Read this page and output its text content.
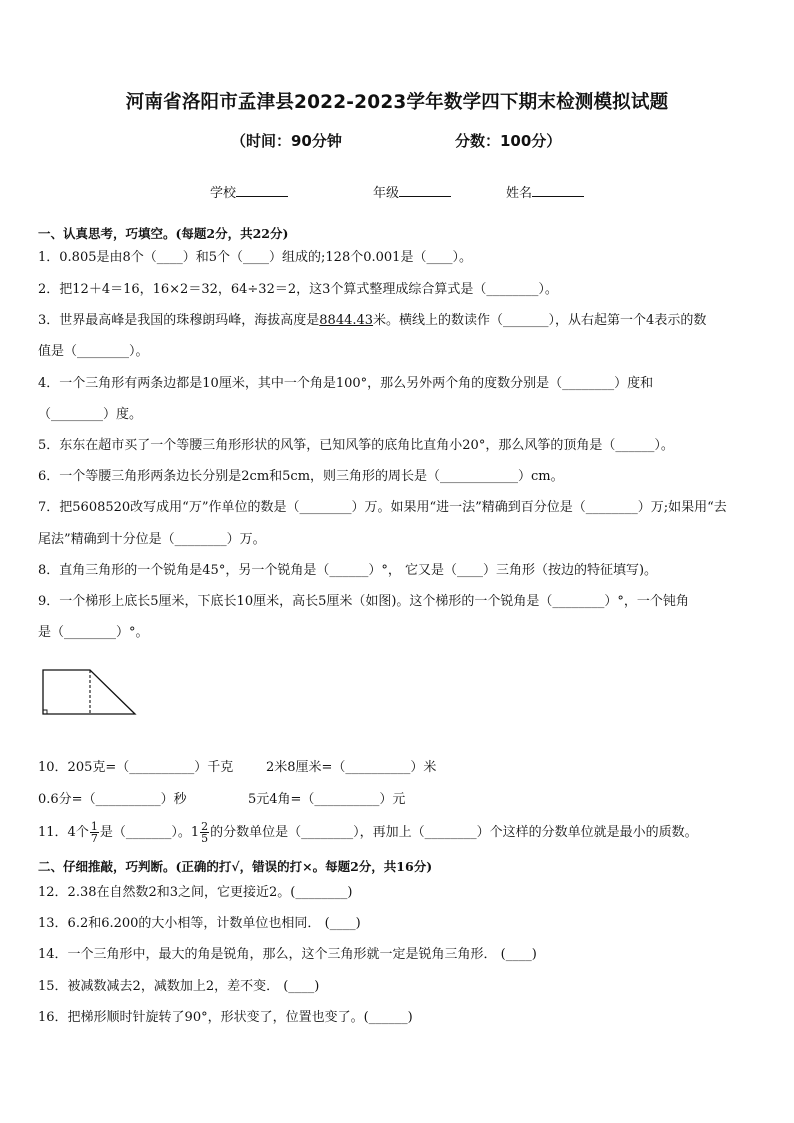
河南省洛阳市孟津县2022-2023学年数学四下期末检测模拟试题
（时间：90分钟	分数：100分）
学校	年级	姓名
一、认真思考，巧填空。(每题2分，共22分)
1．0.805是由8个（____）和5个（____）组成的;128个0.001是（____）。
2．把12＋4＝16，16×2＝32，64÷32＝2，这3个算式整理成综合算式是（________）。
3．世界最高峰是我国的珠穆朗玛峰，海拔高度是8844.43米。横线上的数读作（_______），从右起第一个4表示的数
值是（________）。
4．一个三角形有两条边都是10厘米，其中一个角是100°，那么另外两个角的度数分别是（________）度和
（________）度。
5．东东在超市买了一个等腰三角形形状的风筝，已知风筝的底角比直角小20°，那么风筝的顶角是（______）。
6．一个等腰三角形两条边长分别是2cm和5cm，则三角形的周长是（____________）cm。
7．把5608520改写成用“万”作单位的数是（________）万。如果用“进一法”精确到百分位是（________）万;如果用“去
尾法”精确到十分位是（________）万。
8．直角三角形的一个锐角是45°，另一个锐角是（______）°， 它又是（____）三角形（按边的特征填写)。
9．一个梯形上底长5厘米，下底长10厘米，高长5厘米（如图)。这个梯形的一个锐角是（________）°，一个钝角
是（________）°。
10．205克=（__________）千克	2米8厘米=（__________）米
0.6分=（__________）秒	5元4角=（__________）元
11．4个 $\frac{1}{7}$ 是（_______）。$1 \frac{2}{5}$ 的分数单位是（________），再加上（________）个这样的分数单位就是最小的质数。
二、仔细推敲，巧判断。(正确的打√，错误的打×。每题2分，共16分)
12．2.38在自然数2和3之间，它更接近2。(________)
13．6.2和6.200的大小相等，计数单位也相同． (____)
14．一个三角形中，最大的角是锐角，那么，这个三角形就一定是锐角三角形． (____)
15．被减数减去2，减数加上2，差不变． (____)
16．把梯形顺时针旋转了90°，形状变了，位置也变了。(______)
